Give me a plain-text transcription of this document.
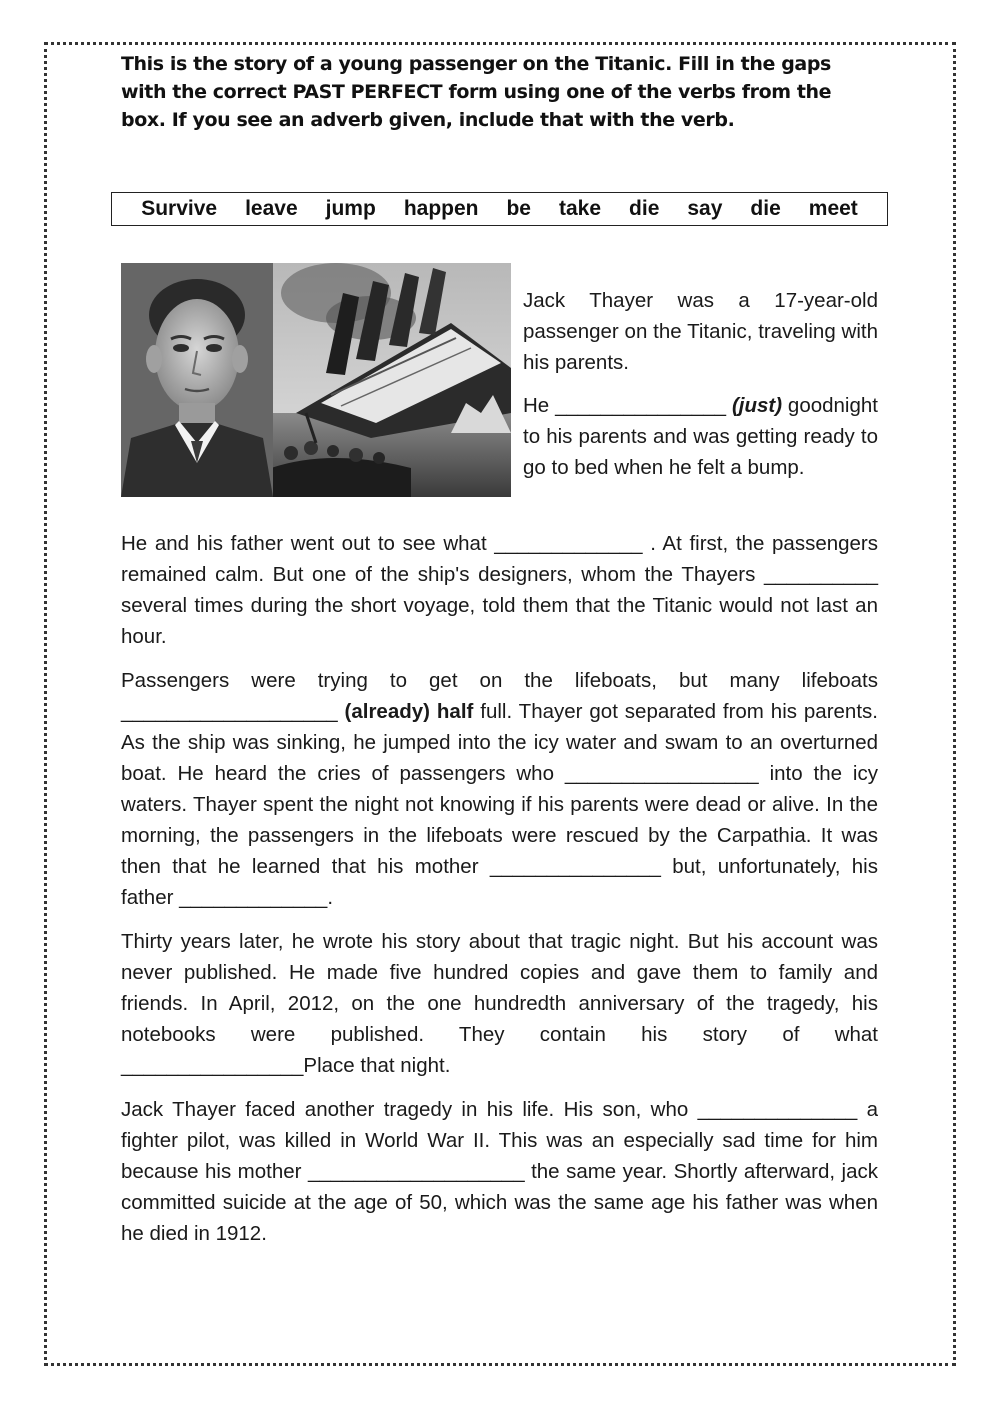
This is the story of a young passenger on the Titanic. Fill in the gaps with the correct PAST PERFECT form using one of the verbs from the box. If you see an adverb given, include that with the verb.
Survive leave jump happen be take die say die meet
Jack Thayer was a 17-year-old passenger on the Titanic, traveling with his parents.
He _______________ (just) goodnight to his parents and was getting ready to go to bed when he felt a bump.
He and his father went out to see what _____________ . At first, the passengers remained calm. But one of the ship's designers, whom the Thayers __________ several times during the short voyage, told them that the Titanic would not last an hour.
Passengers were trying to get on the lifeboats, but many lifeboats ___________________ (already) half full. Thayer got separated from his parents. As the ship was sinking, he jumped into the icy water and swam to an overturned boat. He heard the cries of passengers who _________________ into the icy waters. Thayer spent the night not knowing if his parents were dead or alive. In the morning, the passengers in the lifeboats were rescued by the Carpathia. It was then that he learned that his mother _______________ but, unfortunately, his father _____________.
Thirty years later, he wrote his story about that tragic night. But his account was never published. He made five hundred copies and gave them to family and friends. In April, 2012, on the one hundredth anniversary of the tragedy, his notebooks were published. They contain his story of what ________________Place that night.
Jack Thayer faced another tragedy in his life. His son, who ______________ a fighter pilot, was killed in World War II. This was an especially sad time for him because his mother ___________________ the same year. Shortly afterward, jack committed suicide at the age of 50, which was the same age his father was when he died in 1912.
